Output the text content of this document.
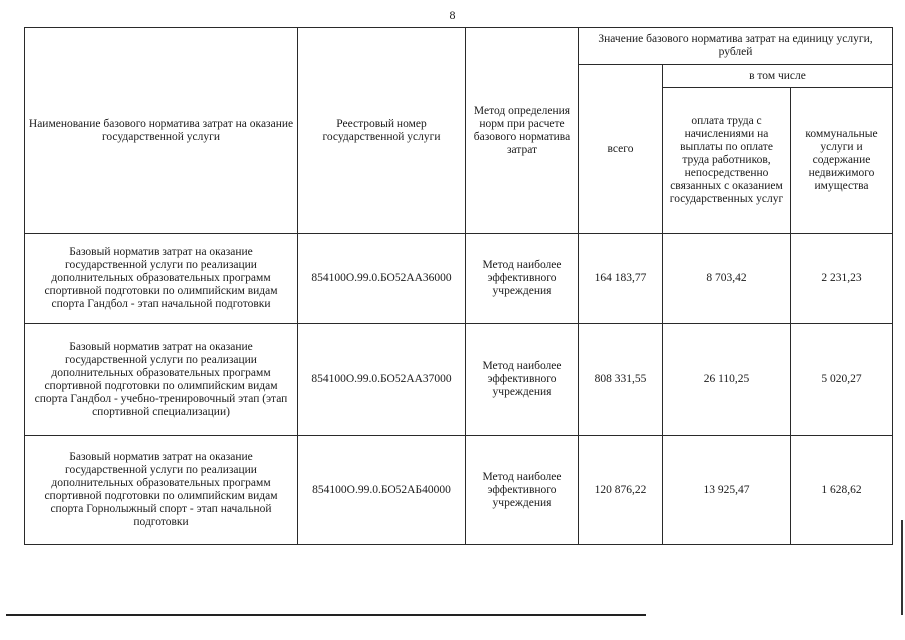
8
Наименование базового норматива затрат на оказание государственной услуги	Реестровый номер государственной услуги	Метод определения норм при расчете базового норматива затрат	Значение базового норматива затрат на единицу услуги, рублей		
			всего	в том числе	
				оплата труда с начислениями на выплаты по оплате труда работников, непосредственно связанных с оказанием государственных услуг	коммунальные услуги и содержание недвижимого имущества
Базовый норматив затрат на оказание государственной услуги по реализации дополнительных образовательных программ спортивной подготовки по олимпийским видам спорта Гандбол - этап начальной подготовки	854100О.99.0.БО52АА36000	Метод наиболее эффективного учреждения	164 183,77	8 703,42	2 231,23
Базовый норматив затрат на оказание государственной услуги по реализации дополнительных образовательных программ спортивной подготовки по олимпийским видам спорта Гандбол - учебно-тренировочный этап (этап спортивной специализации)	854100О.99.0.БО52АА37000	Метод наиболее эффективного учреждения	808 331,55	26 110,25	5 020,27
Базовый норматив затрат на оказание государственной услуги по реализации дополнительных образовательных программ спортивной подготовки по олимпийским видам спорта Горнолыжный спорт - этап начальной подготовки	854100О.99.0.БО52АБ40000	Метод наиболее эффективного учреждения	120 876,22	13 925,47	1 628,62
